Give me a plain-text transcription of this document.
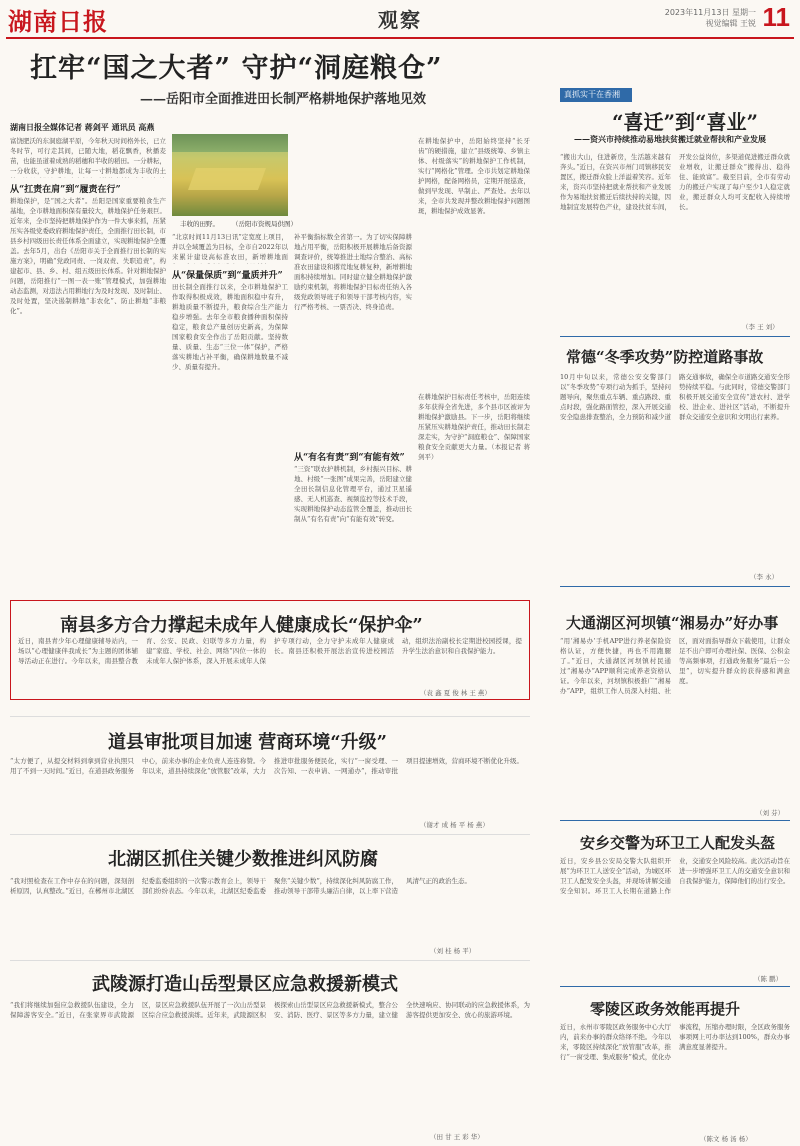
湖南日报	观察	2023年11月13日 星期一
视觉编辑 王锐 11
扛牢“国之大者” 守护“洞庭粮仓”
——岳阳市全面推进田长制严格耕地保护落地见效
湖南日报全媒体记者 蒋剑平 通讯员 高燕
富饶肥沃的东洞庭湖平原，今年秋天时间格外长，已立冬时节，可行走其间，已随大地，稻花飘香，秋播麦苗，也能虽道着成熟的稻穗和半收的稻田。一分耕耘，一分收获，守护耕地，让每一寸耕地都成为丰收的土
从“扛责在肩”到“履责在行”
耕地保护，是“国之大者”。岳阳是国家重要粮食生产基地，全市耕地面积保有量较大，耕地保护任务艰巨。近年来，全市坚持把耕地保护作为一件大事来抓，压紧压实各级党委政府耕地保护责任，全面推行田长制，市县乡村四级田长责任体系全面建立，实现耕地保护全覆盖。去年5月，出台《岳阳市关于全面推行田长制的实施方案》，明确“党政同责、一岗双责、失职追责”，构建起市、县、乡、村、组五级田长体系。针对耕地保护问题，岳阳推行“一图一表一账”管理模式，加强耕地动态监测，对违法占用耕地行为及时发现、及时制止、及时处置，坚决遏制耕地“非农化”、防止耕地“非粮化”。
丰收的田野。 （岳阳市资规局供图）
“北京时间11月13日讯”定宽度上项目，并以全域覆盖为目标，全市自2022年以来累计建设高标准农田，新增耕地面
从“保量保质”到“量质并升”
田长制全面推行以来，全市耕地保护工作取得积极成效，耕地面积稳中有升，耕地质量不断提升，粮食综合生产能力稳步增强。去年全市粮食播种面积保持稳定，粮食总产量创历史新高，为保障国家粮食安全作出了岳阳贡献。坚持数量、质量、生态“三位一体”保护，严格落实耕地占补平衡，确保耕地数量不减少、质量有提升。
补平衡指标数全省第一。为了切实保障耕地占用平衡，岳阳积极开展耕地后备资源调查评价，统筹推进土地综合整治、高标准农田建设和撂荒地复耕复种，新增耕地面积持续增加。同时建立健全耕地保护激励约束机制，将耕地保护目标责任纳入各级党政领导班子和领导干部考核内容，实行严格考核、一票否决、终身追责。
从“有名有责”到“有能有效”
“三资”联农护耕机制，乡村振兴目标、耕地、村级“一张图”成果完善，岳阳建立健全田长制信息化管理平台，通过卫星遥感、无人机巡查、视频监控等技术手段，实现耕地保护动态监管全覆盖，推动田长制从“有名有责”向“有能有效”转变。
在耕地保护中，岳阳始终坚持“长牙齿”的硬措施，建立“县级统筹、乡镇主体、村级落实”的耕地保护工作机制，实行“网格化”管理。全市共划定耕地保护网格，配备网格员，定期开展巡查，做到早发现、早制止、严查处。去年以来，全市共发现并整改耕地保护问题图斑，耕地保护成效显著。
在耕地保护目标责任考核中，岳阳连续多年获得全省先进，多个县市区被评为耕地保护激励县。下一步，岳阳将继续压紧压实耕地保护责任，推动田长制走深走实，为守护“洞庭粮仓”、保障国家粮食安全贡献更大力量。（本报记者 蒋剑平）
真抓实干在香湘
“喜迁”到“喜业”
——资兴市持续推动易地扶贫搬迁就业帮扶和产业发展
“搬出大山，住进新房，生活越来越有奔头。”近日，在资兴市州门司镇移民安置区，搬迁群众脸上洋溢着笑容。近年来，资兴市坚持把就业帮扶和产业发展作为易地扶贫搬迁后续扶持的关键，因地制宜发展特色产业，建设扶贫车间，开发公益岗位，多渠道促进搬迁群众就业增收，让搬迁群众“搬得出、稳得住、能致富”。截至目前，全市有劳动力的搬迁户实现了每户至少1人稳定就业，搬迁群众人均可支配收入持续增长。
（李 王 刘）
常德“冬季攻势”防控道路事故
10月中旬以来，常德公安交警部门以“冬季攻势”专项行动为抓手，坚持问题导向，聚焦重点车辆、重点路段、重点时段，强化路面管控，深入开展交通安全隐患排查整治，全力预防和减少道路交通事故，确保全市道路交通安全形势持续平稳。与此同时，常德交警部门积极开展交通安全宣传“进农村、进学校、进企业、进社区”活动，不断提升群众交通安全意识和文明出行素养。
（李 永）
大通湖区河坝镇“湘易办”好办事
“用‘湘易办’手机APP进行养老保险资格认证，方便快捷，再也不用跑腿了。”近日，大通湖区河坝镇村民通过“湘易办”APP顺利完成养老资格认证。今年以来，河坝镇积极推广“湘易办”APP，组织工作人员深入村组、社区，面对面指导群众下载使用，让群众足不出户即可办理社保、医保、公积金等高频事项，打通政务服务“最后一公里”，切实提升群众的获得感和满意度。
（刘 芬）
安乡交警为环卫工人配发头盔
近日，安乡县公安局交警大队组织开展“为环卫工人送安全”活动，为城区环卫工人配发安全头盔，并现场讲解交通安全知识。环卫工人长期在道路上作业，交通安全风险较高。此次活动旨在进一步增强环卫工人的交通安全意识和自我保护能力，保障他们的出行安全。
（陈 鹏）
零陵区政务效能再提升
近日，永州市零陵区政务服务中心大厅内，前来办事的群众络绎不绝。今年以来，零陵区持续深化“放管服”改革，推行“一窗受理、集成服务”模式，优化办事流程，压缩办理时限，全区政务服务事项网上可办率达到100%，群众办事满意度显著提升。
（陈文 杨 汤 杨）
南县多方合力撑起未成年人健康成长“保护伞”
近日，南县青少年心理健康辅导站内，一场以“心理健康伴我成长”为主题的团体辅导活动正在进行。今年以来，南县整合教育、公安、民政、妇联等多方力量，构建“家庭、学校、社会、网络”四位一体的未成年人保护体系，深入开展未成年人保护专项行动，全力守护未成年人健康成长。南县还积极开展法治宣传进校园活动，组织法治副校长定期进校园授课，提升学生法治意识和自我保护能力。
（袁 鑫 夏 俊 林 王 燕）
道县审批项目加速 营商环境“升级”
“太方便了，从提交材料到拿到营业执照只用了不到一天时间。”近日，在道县政务服务中心，前来办事的企业负责人连连称赞。今年以来，道县持续深化“放管服”改革，大力推进审批服务便民化，实行“一窗受理、一次告知、一表申请、一网通办”，推动审批项目提速增效，营商环境不断优化升级。
（谢才 成 杨 平 杨 燕）
北湖区抓住关键少数推进纠风防腐
“我对照检查在工作中存在的问题，深刻剖析原因，认真整改。”近日，在郴州市北湖区纪委监委组织的一次警示教育会上，领导干部们纷纷表态。今年以来，北湖区纪委监委聚焦“关键少数”，持续深化纠风防腐工作，推动领导干部带头廉洁自律，以上率下营造风清气正的政治生态。
（刘 桂 杨 平）
武陵源打造山岳型景区应急救援新模式
“我们将继续加强应急救援队伍建设，全力保障游客安全。”近日，在张家界市武陵源区，景区应急救援队伍开展了一次山岳型景区综合应急救援演练。近年来，武陵源区积极探索山岳型景区应急救援新模式，整合公安、消防、医疗、景区等多方力量，建立健全快速响应、协同联动的应急救援体系，为游客提供更加安全、放心的旅游环境。
（田 甘 王 彩 华）
